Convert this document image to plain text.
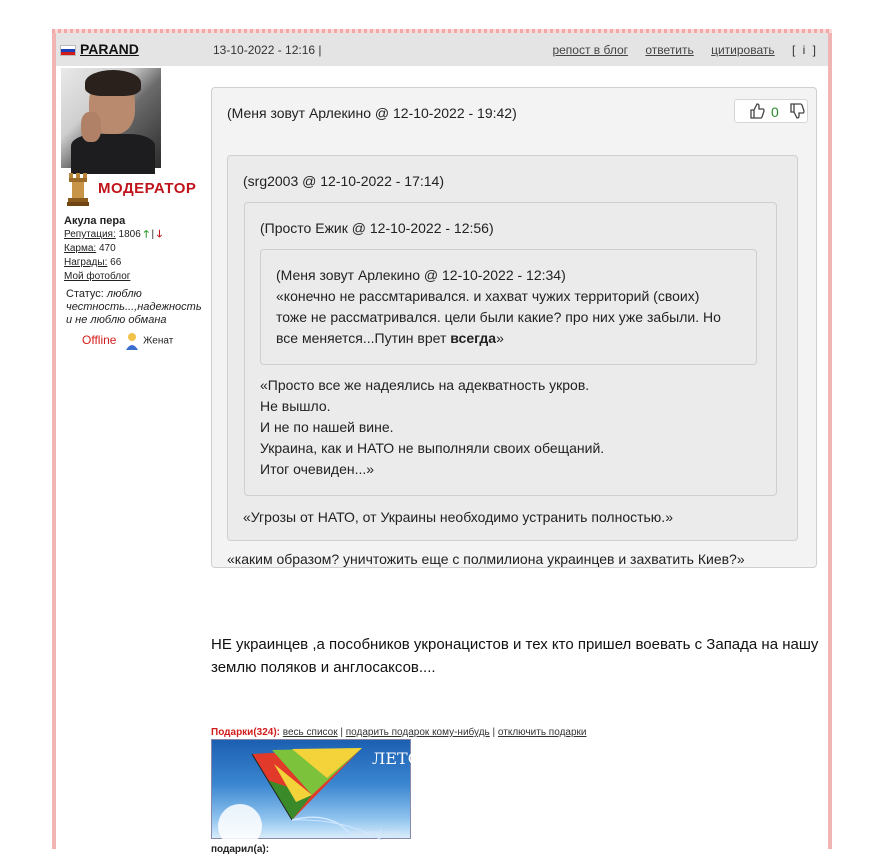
PARAND	13-10-2022 - 12:16 |	репост в блог ответить цитировать [ i ]
МОДЕРАТОР
Акула пера
Репутация: 1806 🡑 | 🡓
Карма: 470
Награды: 66
Мой фотоблог
Статус: люблю честность...,надежность и не люблю обмана
Offline	Женат
0
(Меня зовут Арлекино @ 12-10-2022 - 19:42)
(srg2003 @ 12-10-2022 - 17:14)
(Просто Ежик @ 12-10-2022 - 12:56)
(Меня зовут Арлекино @ 12-10-2022 - 12:34)
«конечно не рассмтаривался. и хахват чужих территорий (своих)
тоже не рассматривался. цели были какие? про них уже забыли. Но
все меняется...Путин врет всегда»
«Просто все же надеялись на адекватность укров.
Не вышло.
И не по нашей вине.
Украина, как и НАТО не выполняли своих обещаний.
Итог очевиден...»
«Угрозы от НАТО, от Украины необходимо устранить полностью.»
«каким образом? уничтожить еще с полмилиона украинцев и захватить Киев?»
НЕ украинцев ,а пособников укронацистов и тех кто пришел воевать с Запада на нашу
землю поляков и англосаксов....
Подарки(324): весь список | подарить подарок кому-нибудь | отключить подарки
ЛЕТО
sy.narod.com
подарил(а):
